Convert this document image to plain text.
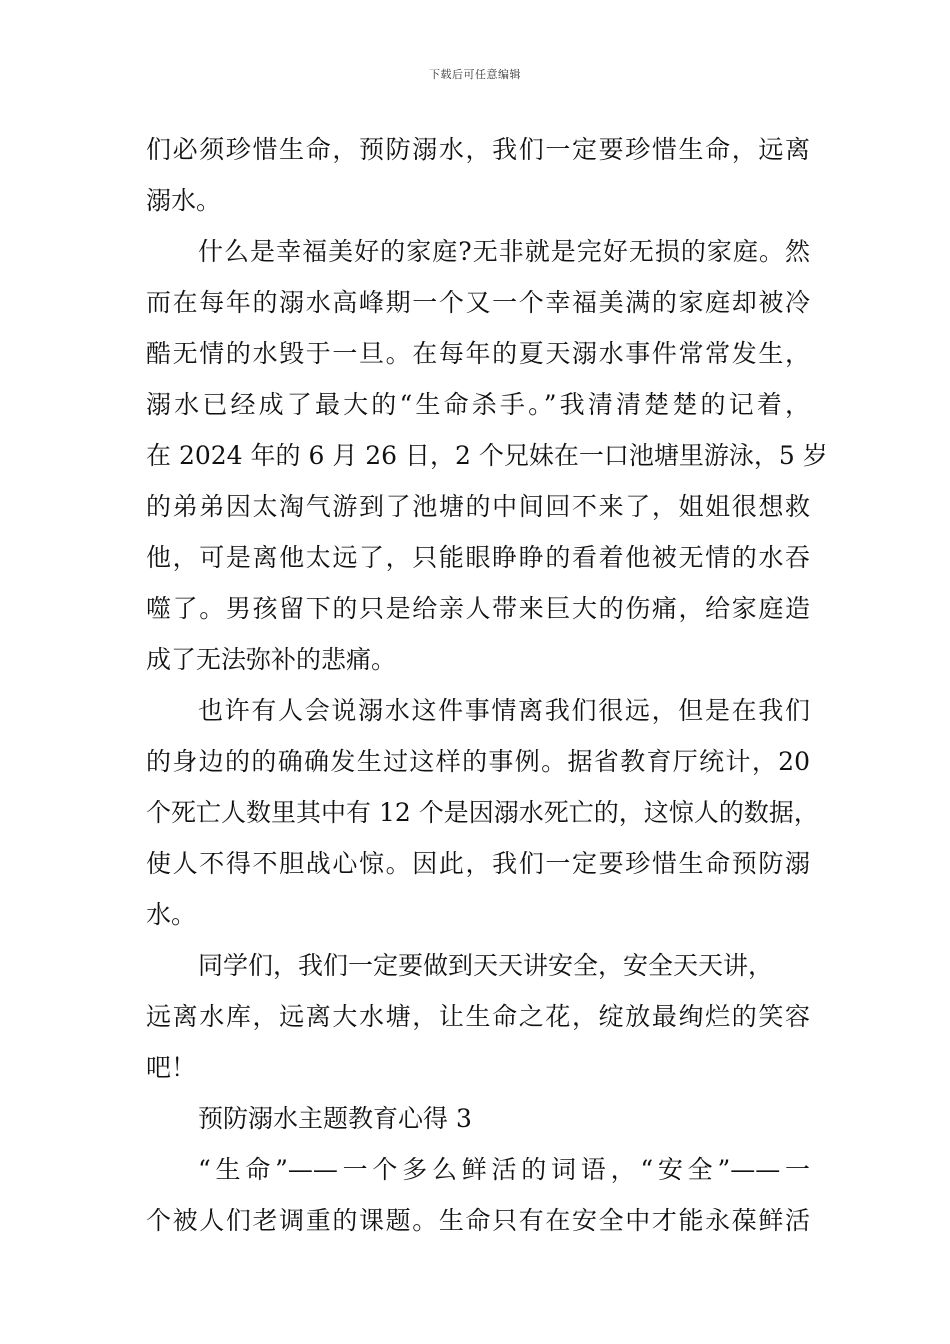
下载后可任意编辑
们必须珍惜生命，预防溺水，我们一定要珍惜生命，远离
溺水。
什么是幸福美好的家庭?无非就是完好无损的家庭。然
而在每年的溺水高峰期一个又一个幸福美满的家庭却被冷
酷无情的水毁于一旦。在每年的夏天溺水事件常常发生，
溺水已经成了最大的“生命杀手。”我清清楚楚的记着，
在 2024 年的 6 月 26 日，2 个兄妹在一口池塘里游泳，5 岁
的弟弟因太淘气游到了池塘的中间回不来了，姐姐很想救
他，可是离他太远了，只能眼睁睁的看着他被无情的水吞
噬了。男孩留下的只是给亲人带来巨大的伤痛，给家庭造
成了无法弥补的悲痛。
也许有人会说溺水这件事情离我们很远，但是在我们
的身边的的确确发生过这样的事例。据省教育厅统计，20
个死亡人数里其中有 12 个是因溺水死亡的，这惊人的数据，
使人不得不胆战心惊。因此，我们一定要珍惜生命预防溺
水。
同学们，我们一定要做到天天讲安全，安全天天讲，
远离水库，远离大水塘，让生命之花，绽放最绚烂的笑容
吧！
预防溺水主题教育心得 3
“生命”——一个多么鲜活的词语，“安全”——一
个被人们老调重的课题。生命只有在安全中才能永葆鲜活
